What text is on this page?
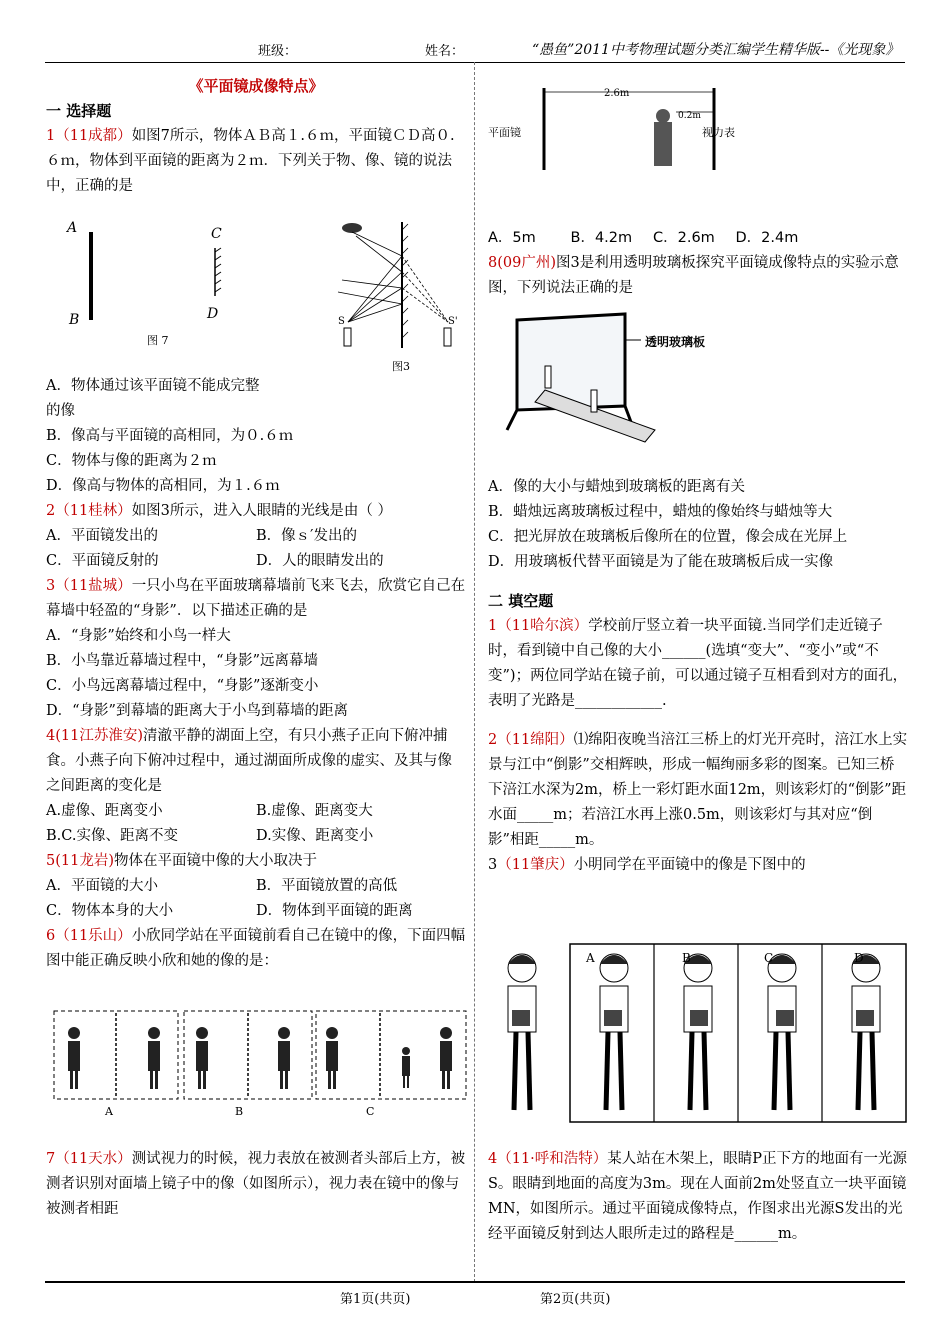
班级：	姓名：	“愚鱼”2011中考物理试题分类汇编学生精华版--《光现象》
《平面镜成像特点》
一 选择题
1（11成都）如图7所示，物体ＡＢ高１.６ｍ，平面镜ＣＤ高０.６ｍ，物体到平面镜的距离为２ｍ．下列关于物、像、镜的说法中，正确的是
A
B
C
D
图 7
S	S'
图3
A．物体通过该平面镜不能成完整
的像
B．像高与平面镜的高相同，为０.６ｍ
C．物体与像的距离为２ｍ
D．像高与物体的高相同，为１.６ｍ
2（11桂林）如图3所示，进入人眼睛的光线是由（ ）
A．平面镜发出的	B．像ｓ′发出的
C．平面镜反射的	D．人的眼睛发出的
3（11盐城）一只小鸟在平面玻璃幕墙前飞来飞去，欣赏它自己在幕墙中轻盈的“身影”．以下描述正确的是
A．“身影”始终和小鸟一样大
B．小鸟靠近幕墙过程中，“身影”远离幕墙
C．小鸟远离幕墙过程中，“身影”逐渐变小
D．“身影”到幕墙的距离大于小鸟到幕墙的距离
4(11江苏淮安)清澈平静的湖面上空，有只小燕子正向下俯冲捕食。小燕子向下俯冲过程中，通过湖面所成像的虚实、及其与像之间距离的变化是
A.虚像、距离变小	B.虚像、距离变大
B.C.实像、距离不变	D.实像、距离变小
5(11龙岩)物体在平面镜中像的大小取决于
A．平面镜的大小	B．平面镜放置的高低
C．物体本身的大小	D．物体到平面镜的距离
6（11乐山）小欣同学站在平面镜前看自己在镜中的像，下面四幅图中能正确反映小欣和她的像的是：
A	B	C
7（11天水）测试视力的时候，视力表放在被测者头部后上方，被测者识别对面墙上镜子中的像（如图所示），视力表在镜中的像与被测者相距
2.6m
0.2m
平面镜	视力表
A．5m	B．4.2m	C．2.6m	D．2.4m
8(09广州)图3是利用透明玻璃板探究平面镜成像特点的实验示意图，下列说法正确的是
透明玻璃板
A．像的大小与蜡烛到玻璃板的距离有关
B．蜡烛远离玻璃板过程中，蜡烛的像始终与蜡烛等大
C．把光屏放在玻璃板后像所在的位置，像会成在光屏上
D．用玻璃板代替平面镜是为了能在玻璃板后成一实像
二 填空题
1（11哈尔滨）学校前厅竖立着一块平面镜.当同学们走近镜子时，看到镜中自己像的大小______(选填“变大”、“变小”或“不变”)；两位同学站在镜子前，可以通过镜子互相看到对方的面孔，表明了光路是____________.
2（11绵阳）⑴绵阳夜晚当涪江三桥上的灯光开亮时，涪江水上实景与江中“倒影”交相辉映，形成一幅绚丽多彩的图案。已知三桥下涪江水深为2m，桥上一彩灯距水面12m，则该彩灯的“倒影”距水面_____m；若涪江水再上涨0.5m，则该彩灯与其对应“倒影”相距_____m。
3（11肇庆）小明同学在平面镜中的像是下图中的
A	B	C	D
4（11·呼和浩特）某人站在木架上，眼睛P正下方的地面有一光源S。眼睛到地面的高度为3m。现在人面前2m处竖直立一块平面镜MN，如图所示。通过平面镜成像特点，作图求出光源S发出的光经平面镜反射到达人眼所走过的路程是______m。
第1页(共页)	第2页(共页)
